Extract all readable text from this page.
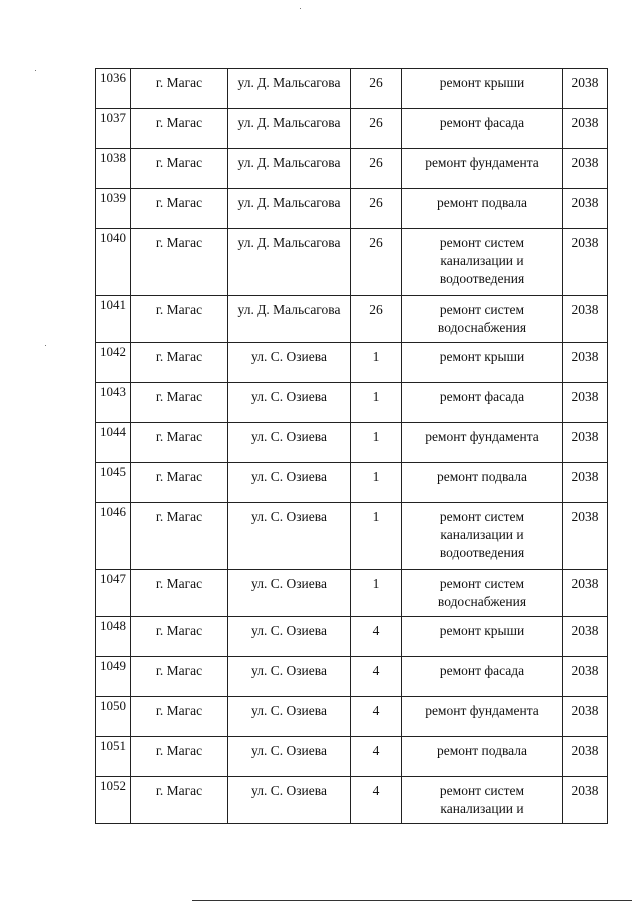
1036	г. Магас	ул. Д. Мальсагова	26	ремонт крыши	2038

1037	г. Магас	ул. Д. Мальсагова	26	ремонт фасада	2038

1038	г. Магас	ул. Д. Мальсагова	26	ремонт фундамента	2038

1039	г. Магас	ул. Д. Мальсагова	26	ремонт подвала	2038

1040	г. Магас	ул. Д. Мальсагова	26	ремонт систем канализации и водоотведения	2038

1041	г. Магас	ул. Д. Мальсагова	26	ремонт систем водоснабжения	2038

1042	г. Магас	ул. С. Озиева	1	ремонт крыши	2038

1043	г. Магас	ул. С. Озиева	1	ремонт фасада	2038

1044	г. Магас	ул. С. Озиева	1	ремонт фундамента	2038

1045	г. Магас	ул. С. Озиева	1	ремонт подвала	2038

1046	г. Магас	ул. С. Озиева	1	ремонт систем канализации и водоотведения	2038

1047	г. Магас	ул. С. Озиева	1	ремонт систем водоснабжения	2038

1048	г. Магас	ул. С. Озиева	4	ремонт крыши	2038

1049	г. Магас	ул. С. Озиева	4	ремонт фасада	2038

1050	г. Магас	ул. С. Озиева	4	ремонт фундамента	2038

1051	г. Магас	ул. С. Озиева	4	ремонт подвала	2038

1052	г. Магас	ул. С. Озиева	4	ремонт систем канализации и	2038
